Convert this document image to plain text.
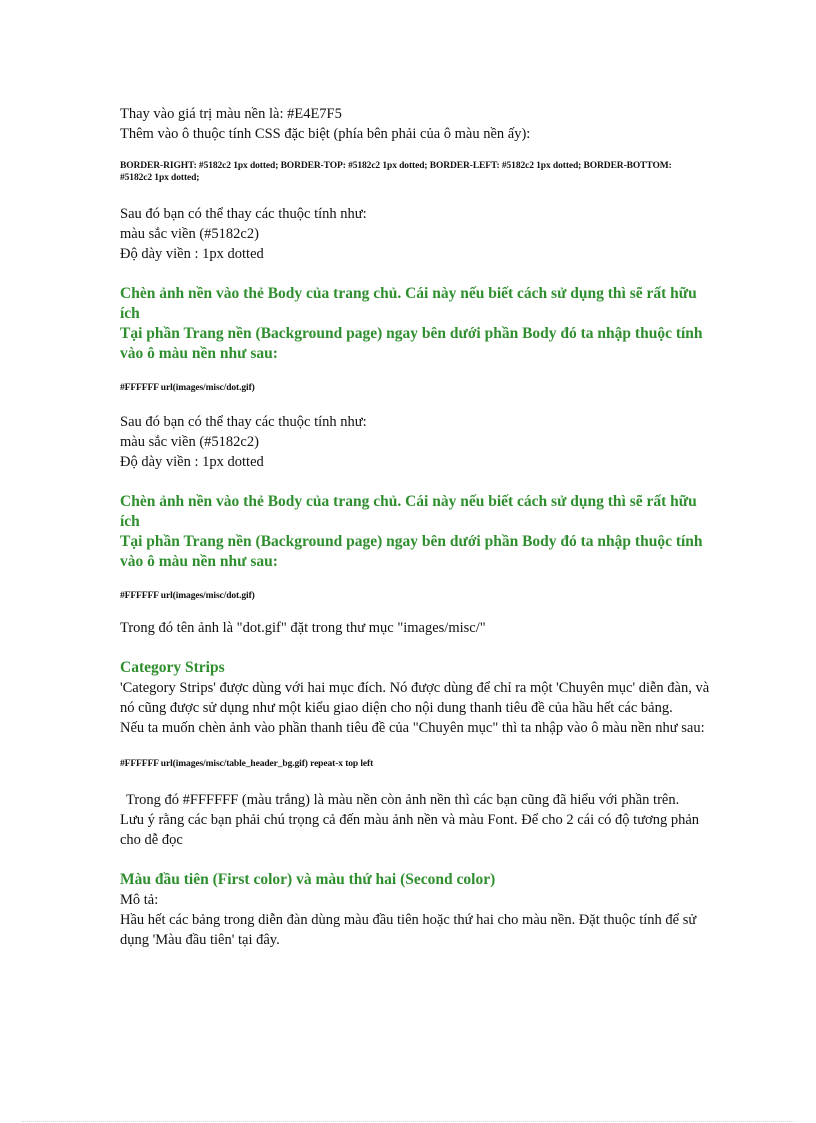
Thay vào giá trị màu nền là: #E4E7F5

Thêm vào ô thuộc tính CSS đặc biệt (phía bên phải của ô màu nền ấy):

BORDER-RIGHT: #5182c2 1px dotted; BORDER-TOP: #5182c2 1px dotted; BORDER-LEFT: #5182c2 1px dotted; BORDER-BOTTOM: #5182c2 1px dotted;

Sau đó bạn có thể thay các thuộc tính như:

màu sắc viền (#5182c2)

Độ dày viền : 1px dotted

Chèn ảnh nền vào thẻ Body của trang chủ. Cái này nếu biết cách sử dụng thì sẽ rất hữu ích

Tại phần Trang nền (Background page) ngay bên dưới phần Body đó ta nhập thuộc tính vào ô màu nền như sau:

#FFFFFF url(images/misc/dot.gif)

Sau đó bạn có thể thay các thuộc tính như:

màu sắc viền (#5182c2)

Độ dày viền : 1px dotted

Chèn ảnh nền vào thẻ Body của trang chủ. Cái này nếu biết cách sử dụng thì sẽ rất hữu ích

Tại phần Trang nền (Background page) ngay bên dưới phần Body đó ta nhập thuộc tính vào ô màu nền như sau:

#FFFFFF url(images/misc/dot.gif)

Trong đó tên ảnh là "dot.gif" đặt trong thư mục "images/misc/"

Category Strips

'Category Strips' được dùng với hai mục đích. Nó được dùng để chỉ ra một 'Chuyên mục' diễn đàn, và nó cũng được sử dụng như một kiểu giao diện cho nội dung thanh tiêu đề của hầu hết các bảng.

Nếu ta muốn chèn ảnh vào phần thanh tiêu đề của "Chuyên mục" thì ta nhập vào ô màu nền như sau:

#FFFFFF url(images/misc/table_header_bg.gif) repeat-x top left

Trong đó #FFFFFF (màu trắng) là màu nền còn ảnh nền thì các bạn cũng đã hiểu với phần trên.

Lưu ý rằng các bạn phải chú trọng cả đến màu ảnh nền và màu Font. Để cho 2 cái có độ tương phản cho dễ đọc

Màu đầu tiên (First color) và màu thứ hai (Second color)

Mô tả:

Hầu hết các bảng trong diễn đàn dùng màu đầu tiên hoặc thứ hai cho màu nền. Đặt thuộc tính để sử dụng 'Màu đầu tiên' tại đây.
